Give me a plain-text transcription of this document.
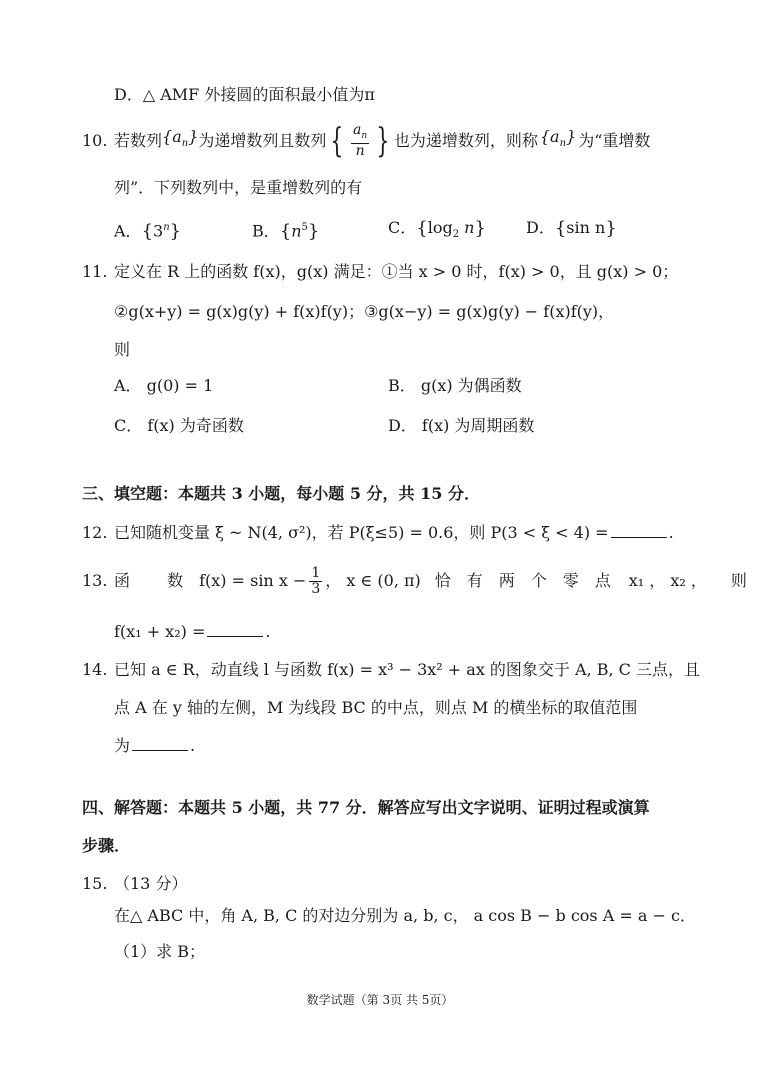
D．△ AMF 外接圆的面积最小值为π
10. 若数列 $\{a_n\}$ 为递增数列且数列 { $\frac{a_n}{n}$ } 也为递增数列，则称 $\{a_n\}$ 为“重增数
列”．下列数列中，是重增数列的有
A．{3$^n$}	B．$\{n^5\}$	C．{$\log_2$ n}	D．{sin n}
11. 定义在 R 上的函数 f(x)，g(x) 满足：①当 x > 0 时，f(x) > 0，且 g(x) > 0；
②g(x+y) = g(x)g(y) + f(x)f(y)；③g(x−y) = g(x)g(y) − f(x)f(y)，
则
A． g(0) = 1	B． g(x) 为偶函数
C． f(x) 为奇函数	D． f(x) 为周期函数
三、填空题：本题共 3 小题，每小题 5 分，共 15 分．
12. 已知随机变量 ξ ~ N(4, σ²)，若 P(ξ≤5) = 0.6，则 P(3 < ξ < 4) =	.
13. 函 数 $f(x) = \sin x - \frac{1}{3}$ ， x ∈ (0, π) 恰有两个零点 x₁ ， x₂ ， 则
f(x₁ + x₂) =	.
14. 已知 a ∈ R，动直线 l 与函数 f(x) = x³ − 3x² + ax 的图象交于 A, B, C 三点，且
点 A 在 y 轴的左侧，M 为线段 BC 的中点，则点 M 的横坐标的取值范围
为	.
四、解答题：本题共 5 小题，共 77 分．解答应写出文字说明、证明过程或演算
步骤．
15. （13 分）
在△ ABC 中，角 A, B, C 的对边分别为 a, b, c， a cos B − b cos A = a − c．
（1）求 B；
数学试题（第 3页 共 5页）
